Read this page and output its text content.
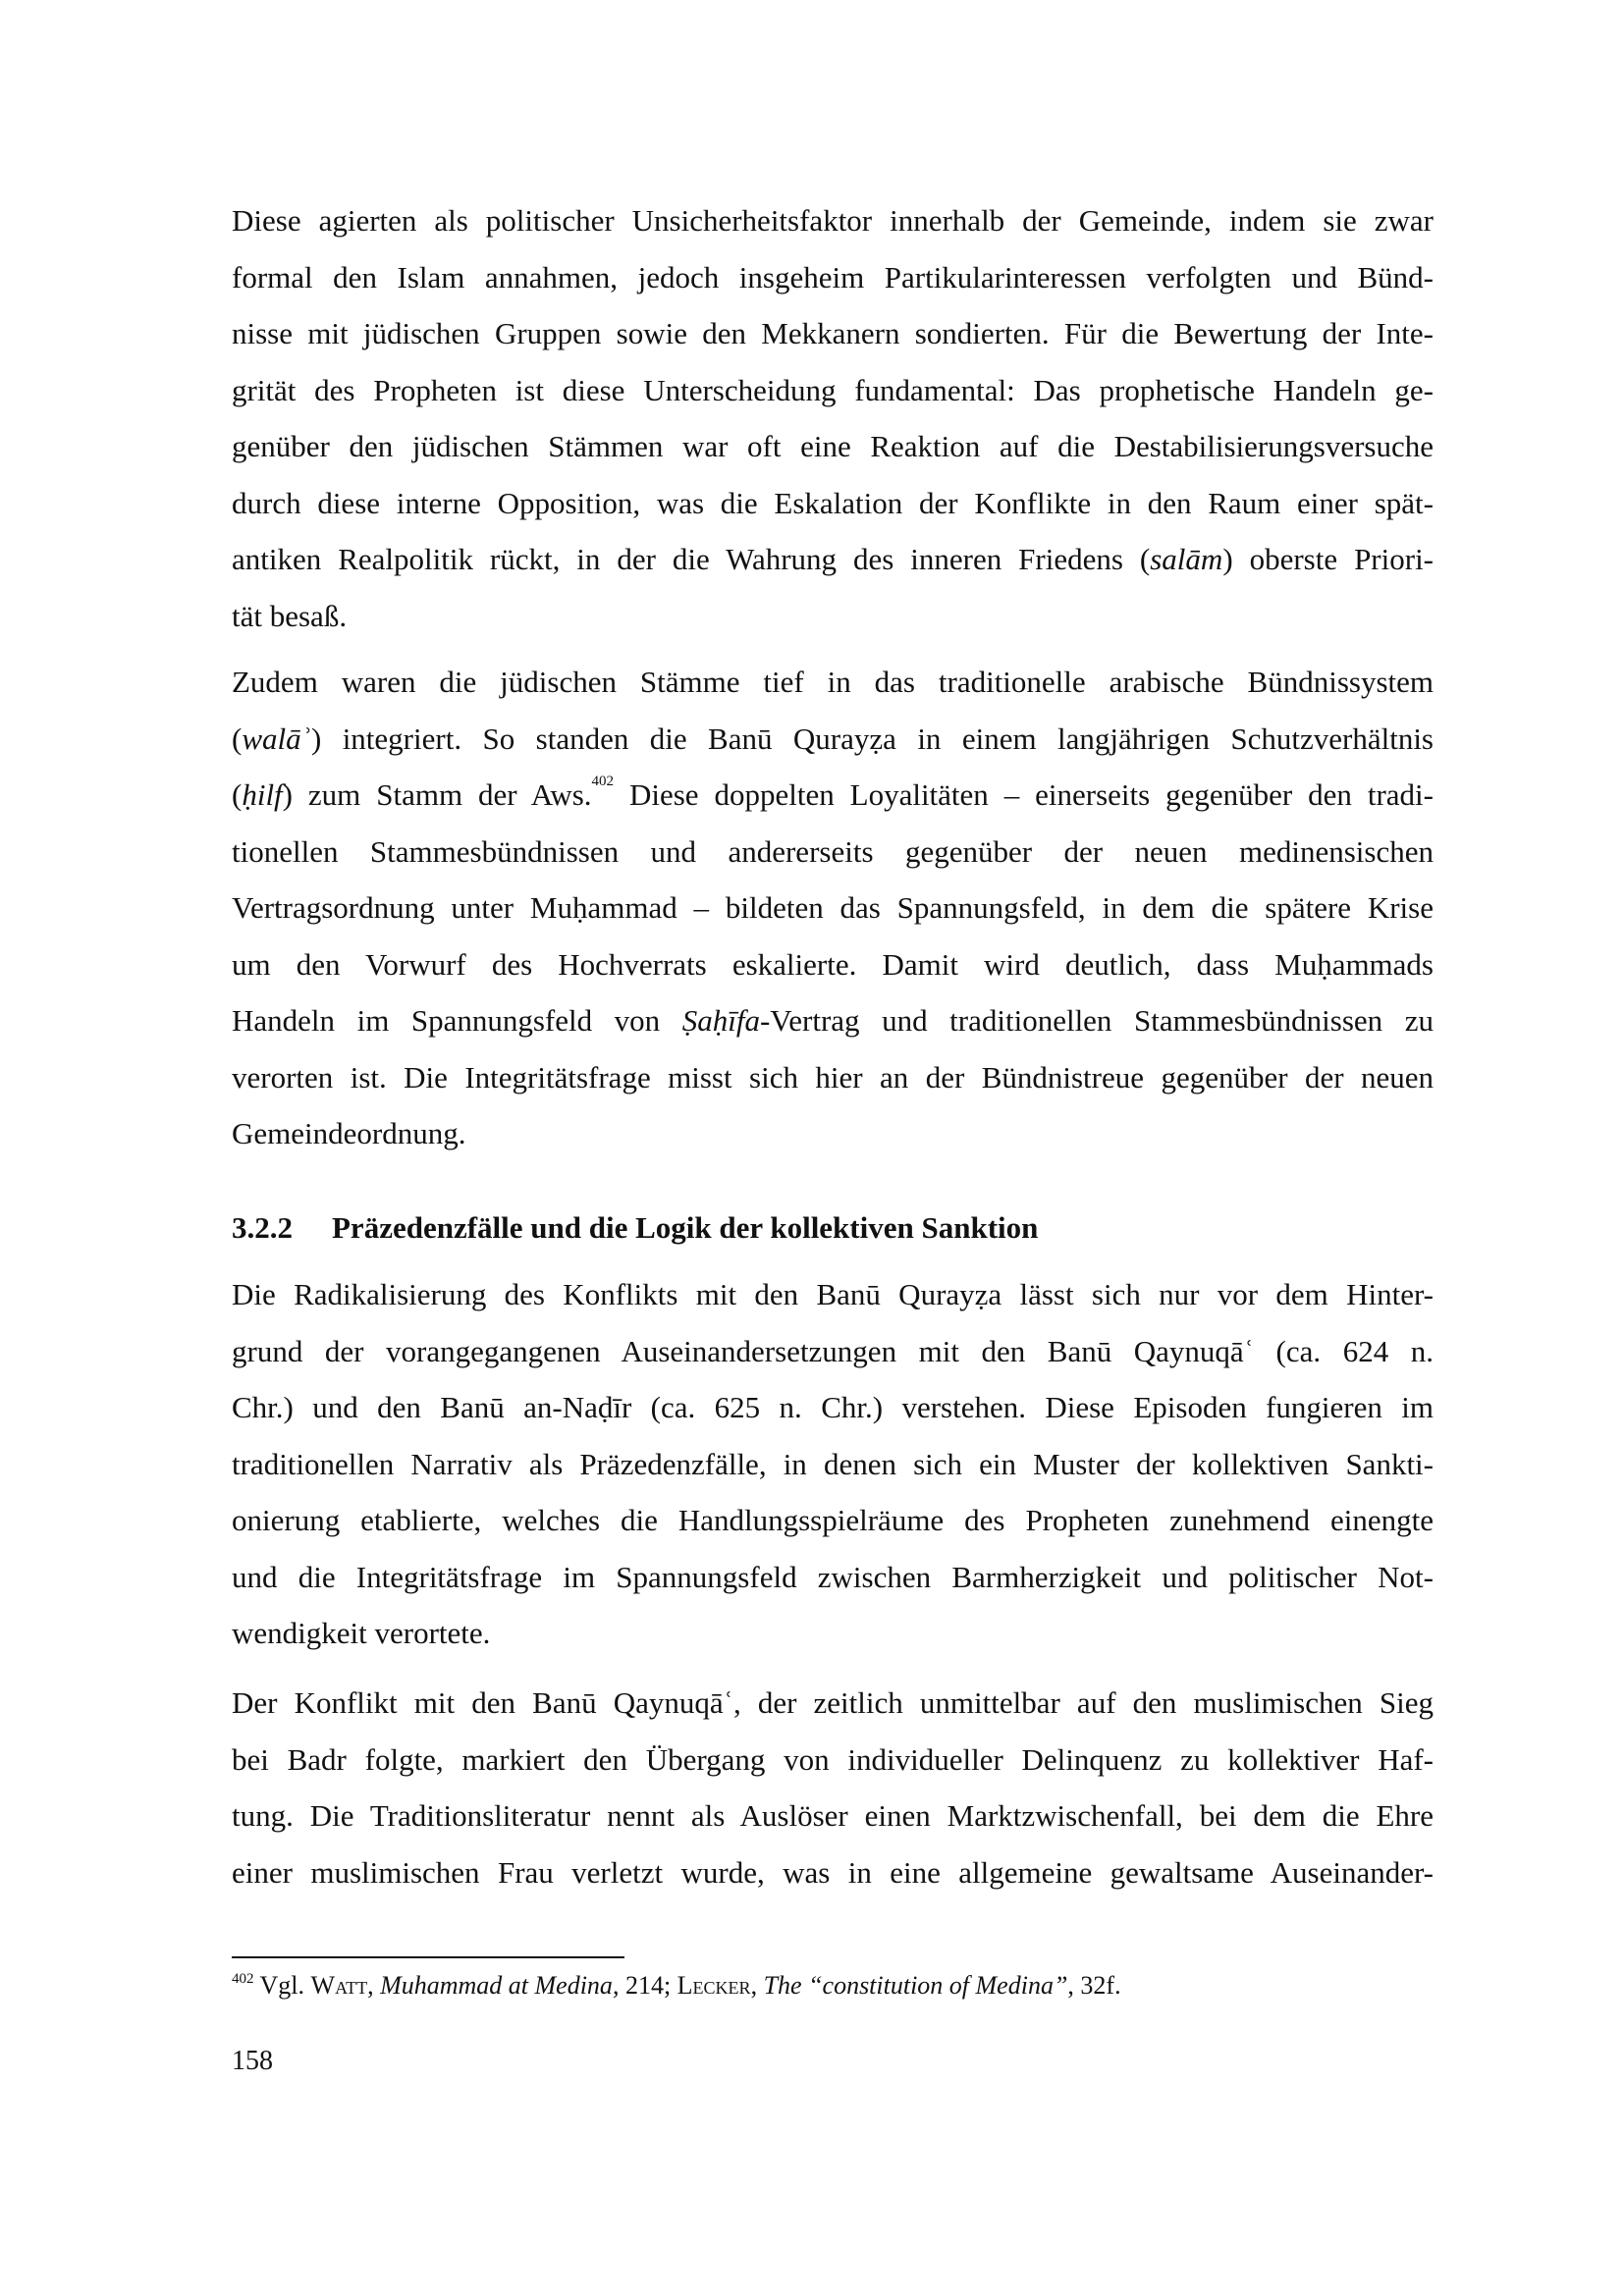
Diese agierten als politischer Unsicherheitsfaktor innerhalb der Gemeinde, indem sie zwar
formal den Islam annahmen, jedoch insgeheim Partikularinteressen verfolgten und Bünd-
nisse mit jüdischen Gruppen sowie den Mekkanern sondierten. Für die Bewertung der Inte-
grität des Propheten ist diese Unterscheidung fundamental: Das prophetische Handeln ge-
genüber den jüdischen Stämmen war oft eine Reaktion auf die Destabilisierungsversuche
durch diese interne Opposition, was die Eskalation der Konflikte in den Raum einer spät-
antiken Realpolitik rückt, in der die Wahrung des inneren Friedens (salām) oberste Priori-
tät besaß.
Zudem waren die jüdischen Stämme tief in das traditionelle arabische Bündnissystem
(walāʾ) integriert. So standen die Banū Qurayẓa in einem langjährigen Schutzverhältnis
(ḥilf) zum Stamm der Aws.$^{402}$ Diese doppelten Loyalitäten – einerseits gegenüber den tradi-
tionellen Stammesbündnissen und andererseits gegenüber der neuen medinensischen
Vertragsordnung unter Muḥammad – bildeten das Spannungsfeld, in dem die spätere Krise
um den Vorwurf des Hochverrats eskalierte. Damit wird deutlich, dass Muḥammads
Handeln im Spannungsfeld von Ṣaḥīfa-Vertrag und traditionellen Stammesbündnissen zu
verorten ist. Die Integritätsfrage misst sich hier an der Bündnistreue gegenüber der neuen
Gemeindeordnung.
3.2.2 Präzedenzfälle und die Logik der kollektiven Sanktion
Die Radikalisierung des Konflikts mit den Banū Qurayẓa lässt sich nur vor dem Hinter-
grund der vorangegangenen Auseinandersetzungen mit den Banū Qaynuqāʿ (ca. 624 n.
Chr.) und den Banū an-Naḍīr (ca. 625 n. Chr.) verstehen. Diese Episoden fungieren im
traditionellen Narrativ als Präzedenzfälle, in denen sich ein Muster der kollektiven Sankti-
onierung etablierte, welches die Handlungsspielräume des Propheten zunehmend einengte
und die Integritätsfrage im Spannungsfeld zwischen Barmherzigkeit und politischer Not-
wendigkeit verortete.
Der Konflikt mit den Banū Qaynuqāʿ, der zeitlich unmittelbar auf den muslimischen Sieg
bei Badr folgte, markiert den Übergang von individueller Delinquenz zu kollektiver Haf-
tung. Die Traditionsliteratur nennt als Auslöser einen Marktzwischenfall, bei dem die Ehre
einer muslimischen Frau verletzt wurde, was in eine allgemeine gewaltsame Auseinander-
$^{402}$ Vgl. Watt, Muhammad at Medina, 214; Lecker, The “constitution of Medina”, 32f.
158
